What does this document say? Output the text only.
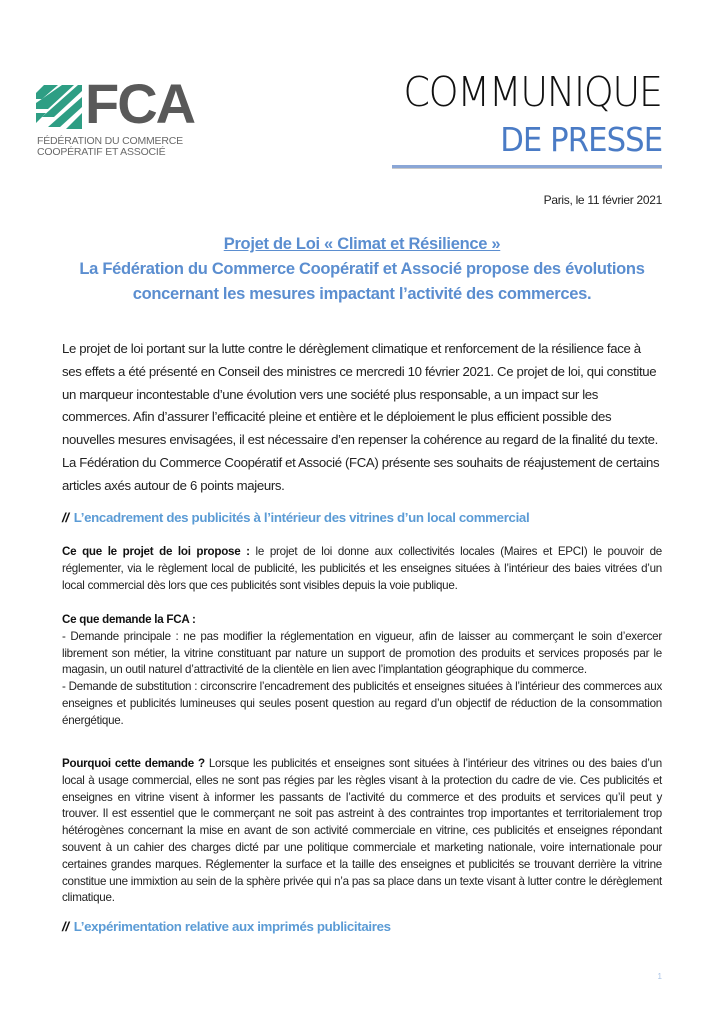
FCA
FÉDÉRATION DU COMMERCE
COOPÉRATIF ET ASSOCIÉ
COMMUNIQUE
DE PRESSE
Paris, le 11 février 2021
Projet de Loi « Climat et Résilience »
La Fédération du Commerce Coopératif et Associé propose des évolutions
concernant les mesures impactant l’activité des commerces.
Le projet de loi portant sur la lutte contre le dérèglement climatique et renforcement de la résilience face à ses effets a été présenté en Conseil des ministres ce mercredi 10 février 2021. Ce projet de loi, qui constitue un marqueur incontestable d’une évolution vers une société plus responsable, a un impact sur les commerces. Afin d’assurer l’efficacité pleine et entière et le déploiement le plus efficient possible des nouvelles mesures envisagées, il est nécessaire d’en repenser la cohérence au regard de la finalité du texte. La Fédération du Commerce Coopératif et Associé (FCA) présente ses souhaits de réajustement de certains articles axés autour de 6 points majeurs.
// L’encadrement des publicités à l’intérieur des vitrines d’un local commercial

Ce que le projet de loi propose : le projet de loi donne aux collectivités locales (Maires et EPCI) le pouvoir de réglementer, via le règlement local de publicité, les publicités et les enseignes situées à l’intérieur des baies vitrées d’un local commercial dès lors que ces publicités sont visibles depuis la voie publique.

Ce que demande la FCA :

- Demande principale : ne pas modifier la réglementation en vigueur, afin de laisser au commerçant le soin d’exercer librement son métier, la vitrine constituant par nature un support de promotion des produits et services proposés par le magasin, un outil naturel d’attractivité de la clientèle en lien avec l’implantation géographique du commerce.

- Demande de substitution : circonscrire l’encadrement des publicités et enseignes situées à l’intérieur des commerces aux enseignes et publicités lumineuses qui seules posent question au regard d’un objectif de réduction de la consommation énergétique.

Pourquoi cette demande ? Lorsque les publicités et enseignes sont situées à l’intérieur des vitrines ou des baies d’un local à usage commercial, elles ne sont pas régies par les règles visant à la protection du cadre de vie. Ces publicités et enseignes en vitrine visent à informer les passants de l’activité du commerce et des produits et services qu’il peut y trouver. Il est essentiel que le commerçant ne soit pas astreint à des contraintes trop importantes et territorialement trop hétérogènes concernant la mise en avant de son activité commerciale en vitrine, ces publicités et enseignes répondant souvent à un cahier des charges dicté par une politique commerciale et marketing nationale, voire internationale pour certaines grandes marques. Réglementer la surface et la taille des enseignes et publicités se trouvant derrière la vitrine constitue une immixtion au sein de la sphère privée qui n’a pas sa place dans un texte visant à lutter contre le dérèglement climatique.

// L’expérimentation relative aux imprimés publicitaires
1
